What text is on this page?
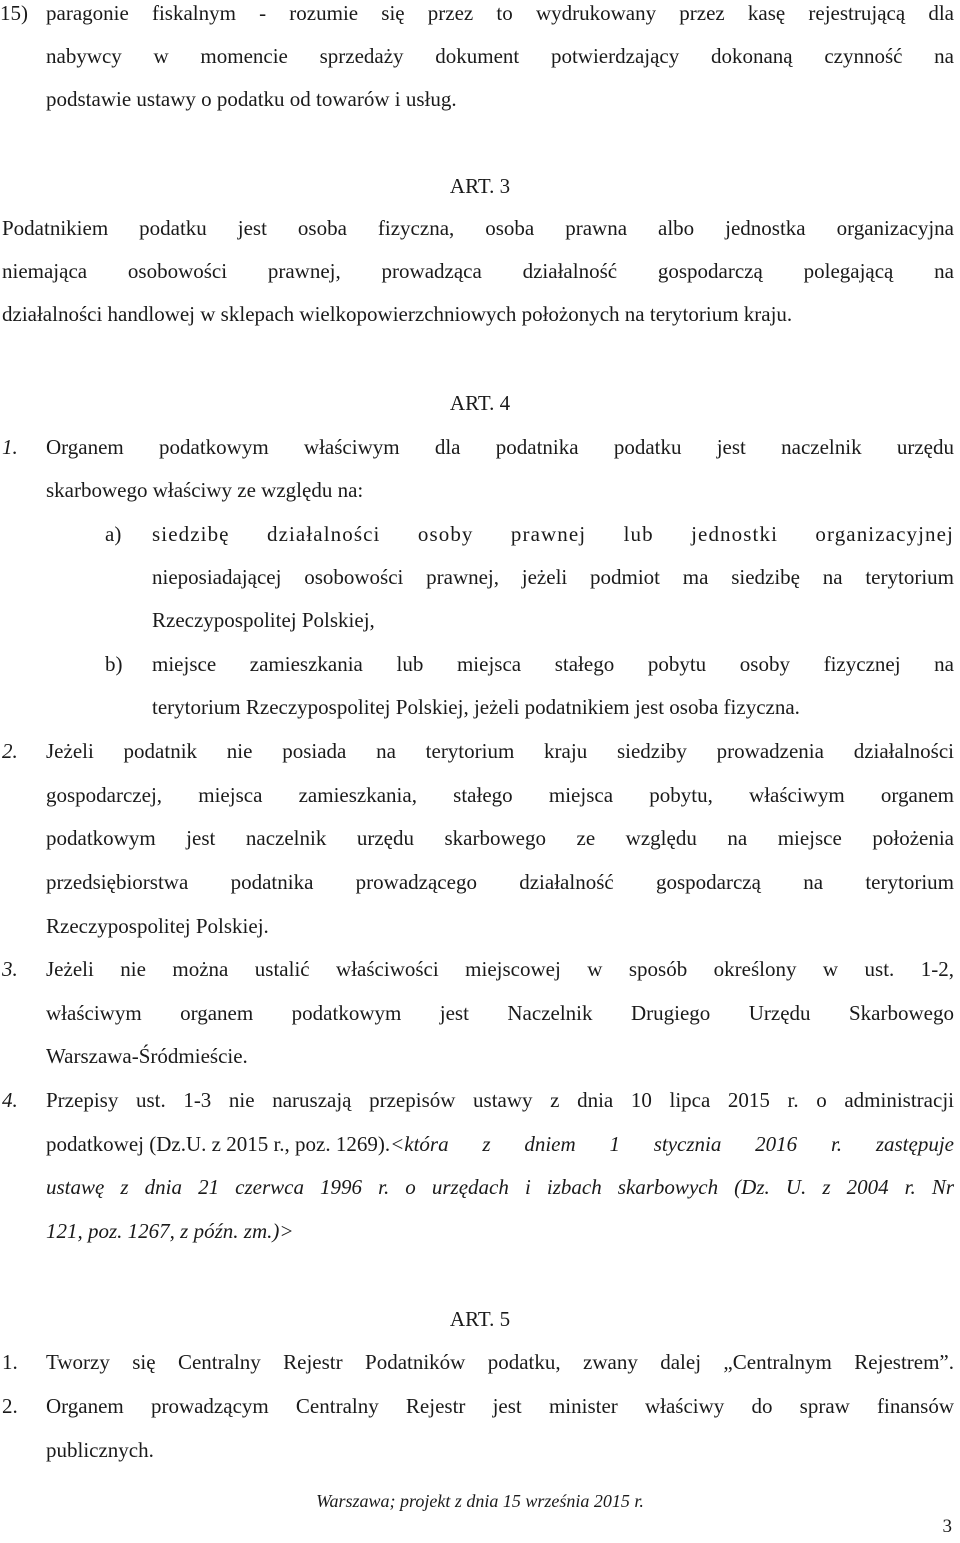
15) paragonie fiskalnym - rozumie się przez to wydrukowany przez kasę rejestrującą dla
nabywcy w momencie sprzedaży dokument potwierdzający dokonaną czynność na
podstawie ustawy o podatku od towarów i usług.
ART. 3
Podatnikiem podatku jest osoba fizyczna, osoba prawna albo jednostka organizacyjna
niemająca osobowości prawnej, prowadząca działalność gospodarczą polegającą na
działalności handlowej w sklepach wielkopowierzchniowych położonych na terytorium kraju.
ART. 4
1. Organem podatkowym właściwym dla podatnika podatku jest naczelnik urzędu
skarbowego właściwy ze względu na:
a) siedzibę działalności osoby prawnej lub jednostki organizacyjnej
nieposiadającej osobowości prawnej, jeżeli podmiot ma siedzibę na terytorium
Rzeczypospolitej Polskiej,
b) miejsce zamieszkania lub miejsca stałego pobytu osoby fizycznej na
terytorium Rzeczypospolitej Polskiej, jeżeli podatnikiem jest osoba fizyczna.
2. Jeżeli podatnik nie posiada na terytorium kraju siedziby prowadzenia działalności
gospodarczej, miejsca zamieszkania, stałego miejsca pobytu, właściwym organem
podatkowym jest naczelnik urzędu skarbowego ze względu na miejsce położenia
przedsiębiorstwa podatnika prowadzącego działalność gospodarczą na terytorium
Rzeczypospolitej Polskiej.
3. Jeżeli nie można ustalić właściwości miejscowej w sposób określony w ust. 1-2,
właściwym organem podatkowym jest Naczelnik Drugiego Urzędu Skarbowego
Warszawa-Śródmieście.
4. Przepisy ust. 1-3 nie naruszają przepisów ustawy z dnia 10 lipca 2015 r. o administracji
podatkowej (Dz.U. z 2015 r., poz. 1269). <która z dniem 1 stycznia 2016 r. zastępuje
ustawę z dnia 21 czerwca 1996 r. o urzędach i izbach skarbowych (Dz. U. z 2004 r. Nr
121, poz. 1267, z późn. zm.)>
ART. 5
1. Tworzy się Centralny Rejestr Podatników podatku, zwany dalej „Centralnym Rejestrem”.
2. Organem prowadzącym Centralny Rejestr jest minister właściwy do spraw finansów
publicznych.
Warszawa; projekt z dnia 15 września 2015 r.
3
